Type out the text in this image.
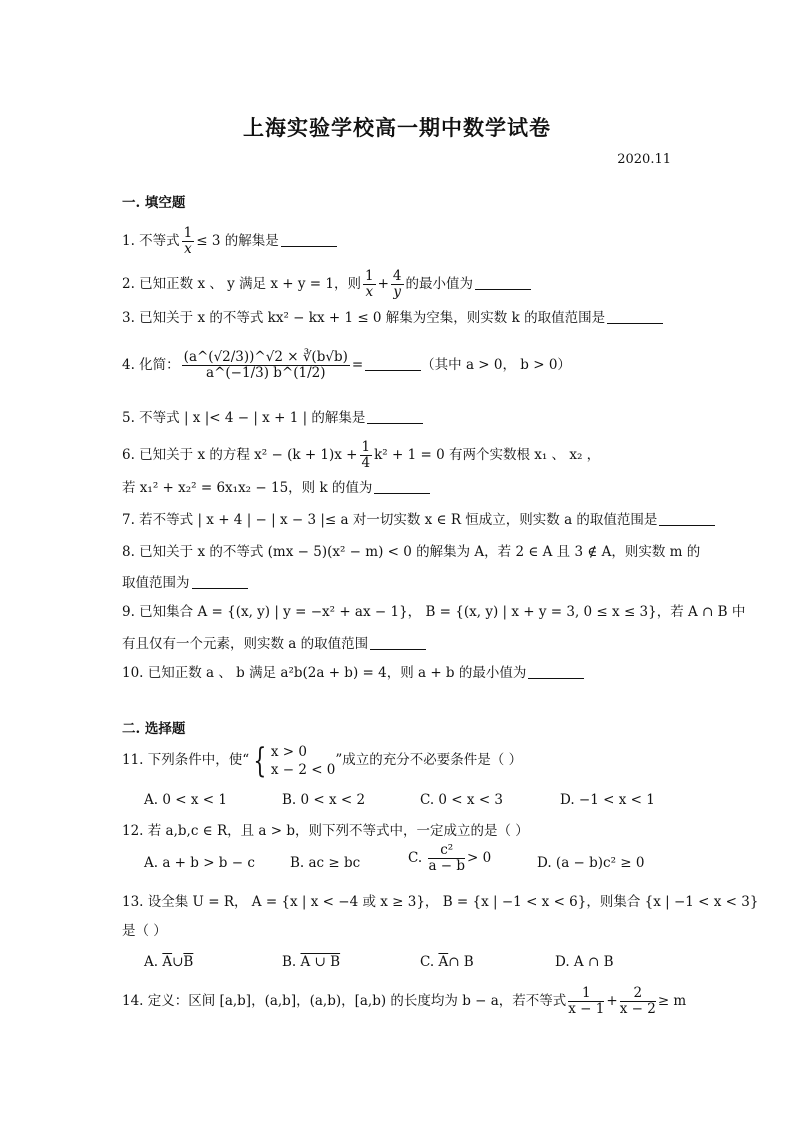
上海实验学校高一期中数学试卷
2020.11
一. 填空题
1. 不等式 $\frac{1}{x} \le 3$ 的解集是
2. 已知正数 x 、 y 满足 x + y = 1，则 $\frac{1}{x} + \frac{4}{y}$ 的最小值为
3. 已知关于 x 的不等式 kx² − kx + 1 ≤ 0 解集为空集，则实数 k 的取值范围是
4. 化简： $\frac{(a\^{}(√2/3))\^{}√2 \times ∛(b√b)}{a\^{}(-1/3) b\^{}(1/2)}$ =	（其中 a > 0， b > 0）
5. 不等式 | x |< 4 − | x + 1 | 的解集是
6. 已知关于 x 的方程 $x^2 - (k + 1)x + \frac{1}{4} k^2 + 1 = 0$ 有两个实数根 x₁ 、 x₂ ，
若 x₁² + x₂² = 6x₁x₂ − 15，则 k 的值为
7. 若不等式 | x + 4 | − | x − 3 |≤ a 对一切实数 x ∈ R 恒成立，则实数 a 的取值范围是
8. 已知关于 x 的不等式 (mx − 5)(x² − m) < 0 的解集为 A，若 2 ∈ A 且 3 ∉ A，则实数 m 的
取值范围为
9. 已知集合 A = {(x, y) | y = −x² + ax − 1}， B = {(x, y) | x + y = 3, 0 ≤ x ≤ 3}，若 A ∩ B 中
有且仅有一个元素，则实数 a 的取值范围
10. 已知正数 a 、 b 满足 a²b(2a + b) = 4，则 a + b 的最小值为
二. 选择题
11. 下列条件中，使“ { x > 0
x − 2 < 0”成立的充分不必要条件是（ ）
A. 0 < x < 1	B. 0 < x < 2	C. 0 < x < 3	D. −1 < x < 1
12. 若 a,b,c ∈ R，且 a > b，则下列不等式中，一定成立的是（ ）
A. a + b > b − c	B. ac ≥ bc	C. $\frac{\text{c²}}{a - b} > 0$	D. (a − b)c² ≥ 0
13. 设全集 U = R， A = {x | x < −4 或 x ≥ 3}， B = {x | −1 < x < 6}，则集合 {x | −1 < x < 3}
是（ ）
A. $\overline{A}\cup\overline{B}$	B. A ∪ B	C. $\overline{A}\cap$ B	D. A ∩ B
14. 定义：区间 [a,b]，(a,b]，(a,b)，[a,b) 的长度均为 b − a，若不等式 $\frac{1}{x - 1} + \frac{2}{x - 2} \ge m$
